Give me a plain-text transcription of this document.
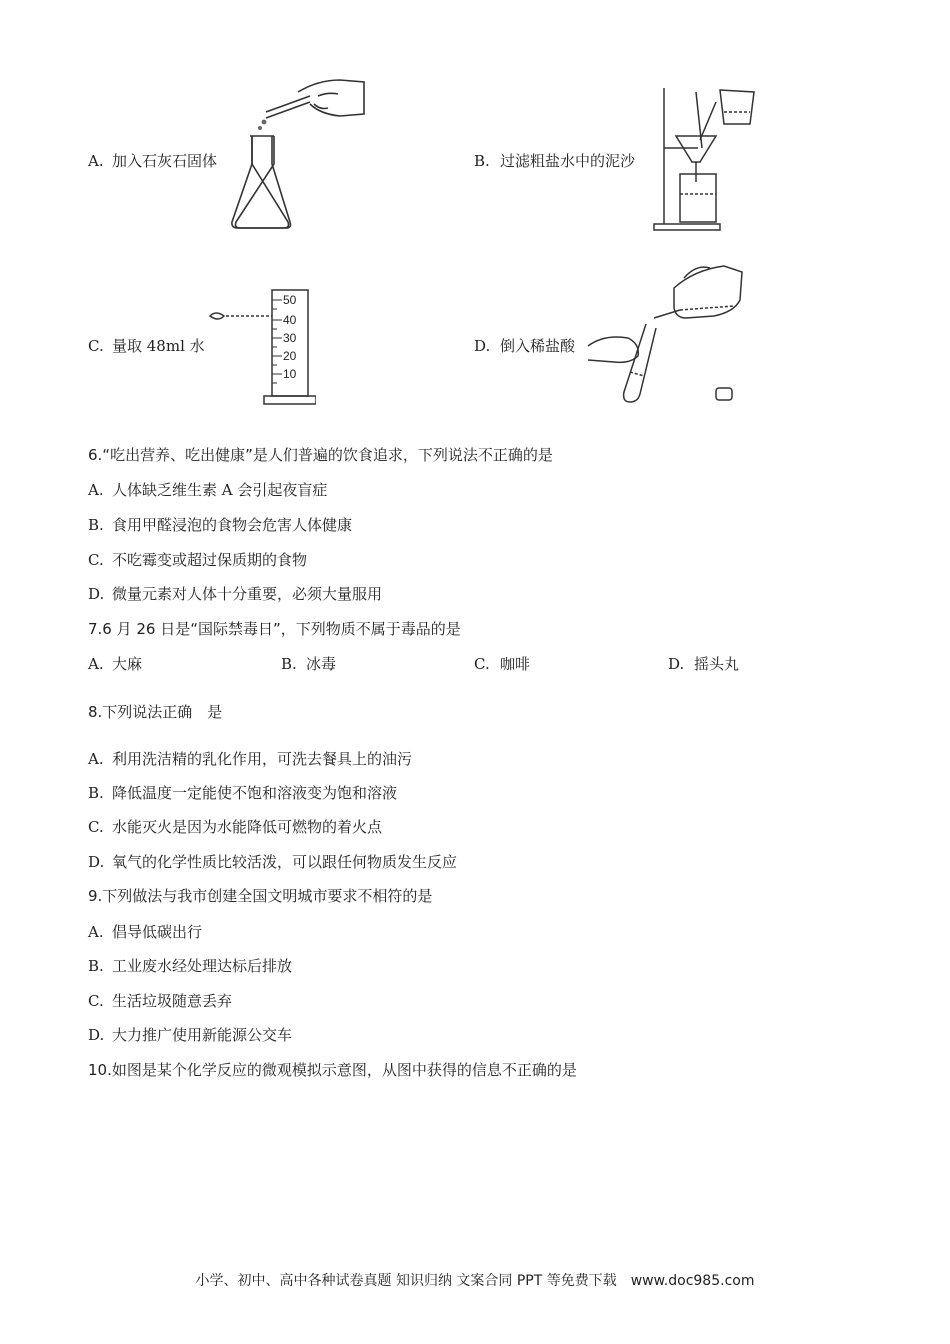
A. 加入石灰石固体	B. 过滤粗盐水中的泥沙
C. 量取 48ml 水
50
40
30
20
10
D. 倒入稀盐酸
6.“吃出营养、吃出健康”是人们普遍的饮食追求，下列说法不正确的是
A. 人体缺乏维生素 A 会引起夜盲症
B. 食用甲醛浸泡的食物会危害人体健康
C. 不吃霉变或超过保质期的食物
D. 微量元素对人体十分重要，必须大量服用
7.6 月 26 日是“国际禁毒日”，下列物质不属于毒品的是
A. 大麻	B. 冰毒	C. 咖啡	D. 摇头丸
8.下列说法正确　是
A. 利用洗洁精的乳化作用，可洗去餐具上的油污
B. 降低温度一定能使不饱和溶液变为饱和溶液
C. 水能灭火是因为水能降低可燃物的着火点
D. 氧气的化学性质比较活泼，可以跟任何物质发生反应
9.下列做法与我市创建全国文明城市要求不相符的是
A. 倡导低碳出行
B. 工业废水经处理达标后排放
C. 生活垃圾随意丢弃
D. 大力推广使用新能源公交车
10.如图是某个化学反应的微观模拟示意图，从图中获得的信息不正确的是
小学、初中、高中各种试卷真题 知识归纳 文案合同 PPT 等免费下载　www.doc985.com
